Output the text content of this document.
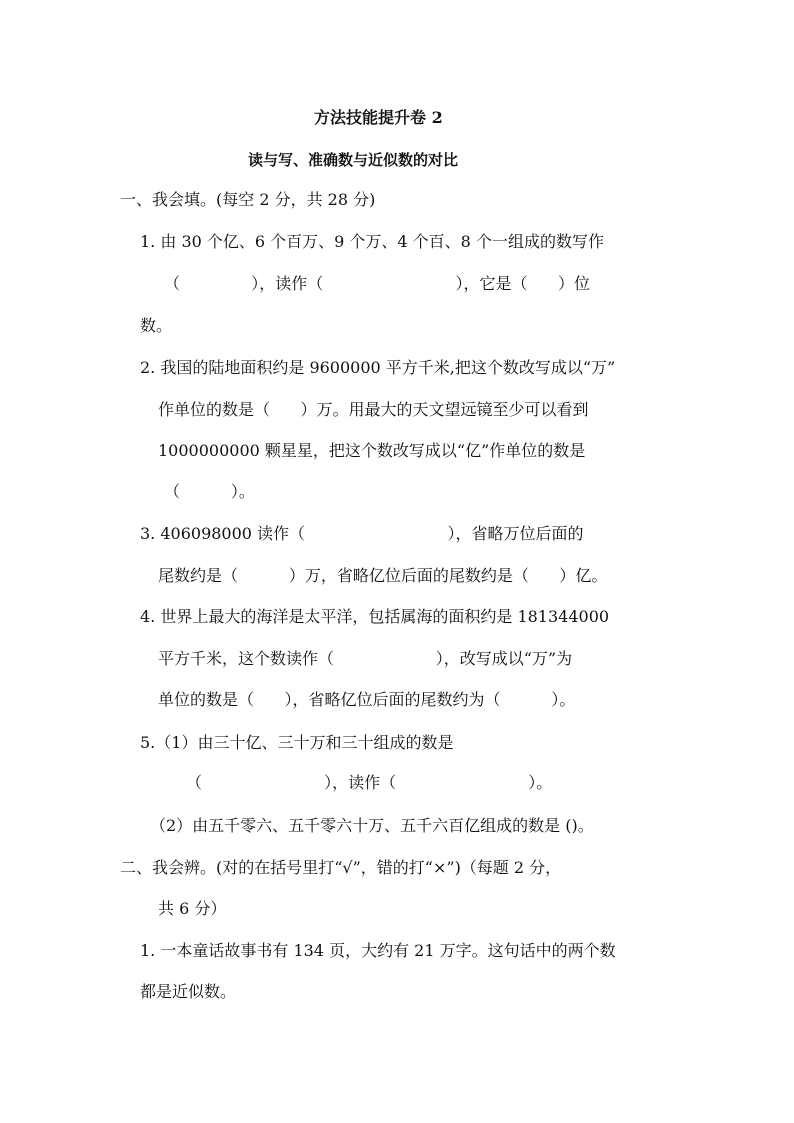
方法技能提升卷 2
读与写、准确数与近似数的对比
一、我会填。(每空 2 分，共 28 分)
1. 由 30 个亿、6 个百万、9 个万、4 个百、8 个一组成的数写作
（              ），读作（                          ），它是（      ）位
数。
2. 我国的陆地面积约是 9600000 平方千米,把这个数改写成以“万”
作单位的数是（      ）万。用最大的天文望远镜至少可以看到
1000000000 颗星星，把这个数改写成以“亿”作单位的数是
（          ）。
3. 406098000 读作（                            ），省略万位后面的
尾数约是（          ）万，省略亿位后面的尾数约是（      ）亿。
4. 世界上最大的海洋是太平洋，包括属海的面积约是 181344000
平方千米，这个数读作（                    ），改写成以“万”为
单位的数是（      ），省略亿位后面的尾数约为（          ）。
5.（1）由三十亿、三十万和三十组成的数是
（                        ），读作（                          ）。
（2）由五千零六、五千零六十万、五千六百亿组成的数是 ()。
二、我会辨。(对的在括号里打“√”，错的打“×”)（每题 2 分，
共 6 分）
1. 一本童话故事书有 134 页，大约有 21 万字。这句话中的两个数
都是近似数。
